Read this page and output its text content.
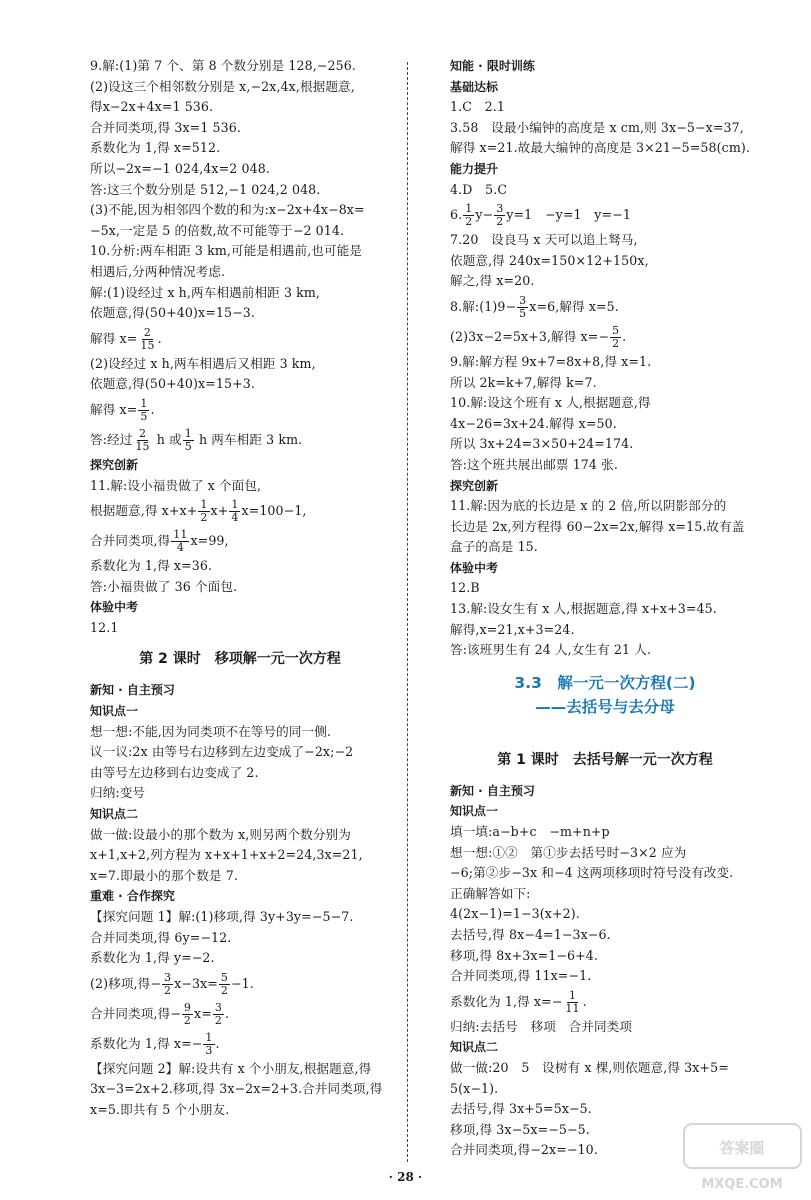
9.解:(1)第 7 个、第 8 个数分别是 128,−256.
(2)设这三个相邻数分别是 x,−2x,4x,根据题意,
得x−2x+4x=1 536.
合并同类项,得 3x=1 536.
系数化为 1,得 x=512.
所以−2x=−1 024,4x=2 048.
答:这三个数分别是 512,−1 024,2 048.
(3)不能,因为相邻四个数的和为:x−2x+4x−8x=
−5x,一定是 5 的倍数,故不可能等于−2 014.
10.分析:两车相距 3 km,可能是相遇前,也可能是
相遇后,分两种情况考虑.
解:(1)设经过 x h,两车相遇前相距 3 km,
依题意,得(50+40)x=15−3.
解得 $x= \frac{2}{15}$ .
(2)设经过 x h,两车相遇后又相距 3 km,
依题意,得(50+40)x=15+3.
解得 $x= \frac{1}{5}$ .
答:经过 $\frac{2}{15}$ h 或 $\frac{1}{5}$ h 两车相距 3 km.
探究创新
11.解:设小福贵做了 x 个面包,
根据题意,得 $x+x+ \frac{1}{2} x+ \frac{1}{4} x=100-1$,
合并同类项,得 $\frac{11}{4} x=99$,
系数化为 1,得 x=36.
答:小福贵做了 36 个面包.
体验中考
12.1
第 2 课时　移项解一元一次方程
新知 · 自主预习
知识点一
想一想:不能,因为同类项不在等号的同一侧.
议一议:2x 由等号右边移到左边变成了−2x;−2
由等号左边移到右边变成了 2.
归纳:变号
知识点二
做一做:设最小的那个数为 x,则另两个数分别为
x+1,x+2,列方程为 x+x+1+x+2=24,3x=21,
x=7.即最小的那个数是 7.
重难 · 合作探究
【探究问题 1】解:(1)移项,得 3y+3y=−5−7.
合并同类项,得 6y=−12.
系数化为 1,得 y=−2.
(2)移项,得− $\frac{3}{2} x-3x= \frac{5}{2} -1$.
合并同类项,得− $\frac{9}{2} x= \frac{3}{2}$ .
系数化为 1,得 $x=- \frac{1}{3}$ .
【探究问题 2】解:设共有 x 个小朋友,根据题意,得
3x−3=2x+2.移项,得 3x−2x=2+3.合并同类项,得
x=5.即共有 5 个小朋友.
知能 · 限时训练
基础达标
1.C　2.1
3.58　设最小编钟的高度是 x cm,则 3x−5−x=37,
解得 x=21.故最大编钟的高度是 3×21−5=58(cm).
能力提升
4.D　5.C
6. $\frac{1}{2} y- \frac{3}{2} y=1$　−y=1　y=−1
7.20　设良马 x 天可以追上驽马,
依题意,得 240x=150×12+150x,
解之,得 x=20.
8.解:(1)9− $\frac{3}{5} x=6$,解得 x=5.
(2)3x−2=5x+3,解得 $x=- \frac{5}{2}$ .
9.解:解方程 9x+7=8x+8,得 x=1.
所以 2k=k+7,解得 k=7.
10.解:设这个班有 x 人,根据题意,得
4x−26=3x+24.解得 x=50.
所以 3x+24=3×50+24=174.
答:这个班共展出邮票 174 张.
探究创新
11.解:因为底的长边是 x 的 2 倍,所以阴影部分的
长边是 2x,列方程得 60−2x=2x,解得 x=15.故有盖
盒子的高是 15.
体验中考
12.B
13.解:设女生有 x 人,根据题意,得 x+x+3=45.
解得,x=21,x+3=24.
答:该班男生有 24 人,女生有 21 人.
3.3　解一元一次方程(二)
——去括号与去分母
第 1 课时　去括号解一元一次方程
新知 · 自主预习
知识点一
填一填:a−b+c　−m+n+p
想一想:①②　第①步去括号时−3×2 应为
−6;第②步−3x 和−4 这两项移项时符号没有改变.
正确解答如下:
4(2x−1)=1−3(x+2).
去括号,得 8x−4=1−3x−6.
移项,得 8x+3x=1−6+4.
合并同类项,得 11x=−1.
系数化为 1,得 $x=- \frac{1}{11}$ .
归纳:去括号　移项　合并同类项
知识点二
做一做:20　5　设树有 x 棵,则依题意,得 3x+5=
5(x−1).
去括号,得 3x+5=5x−5.
移项,得 3x−5x=−5−5.
合并同类项,得−2x=−10.
· 28 ·
答案圈
MXQE.COM
